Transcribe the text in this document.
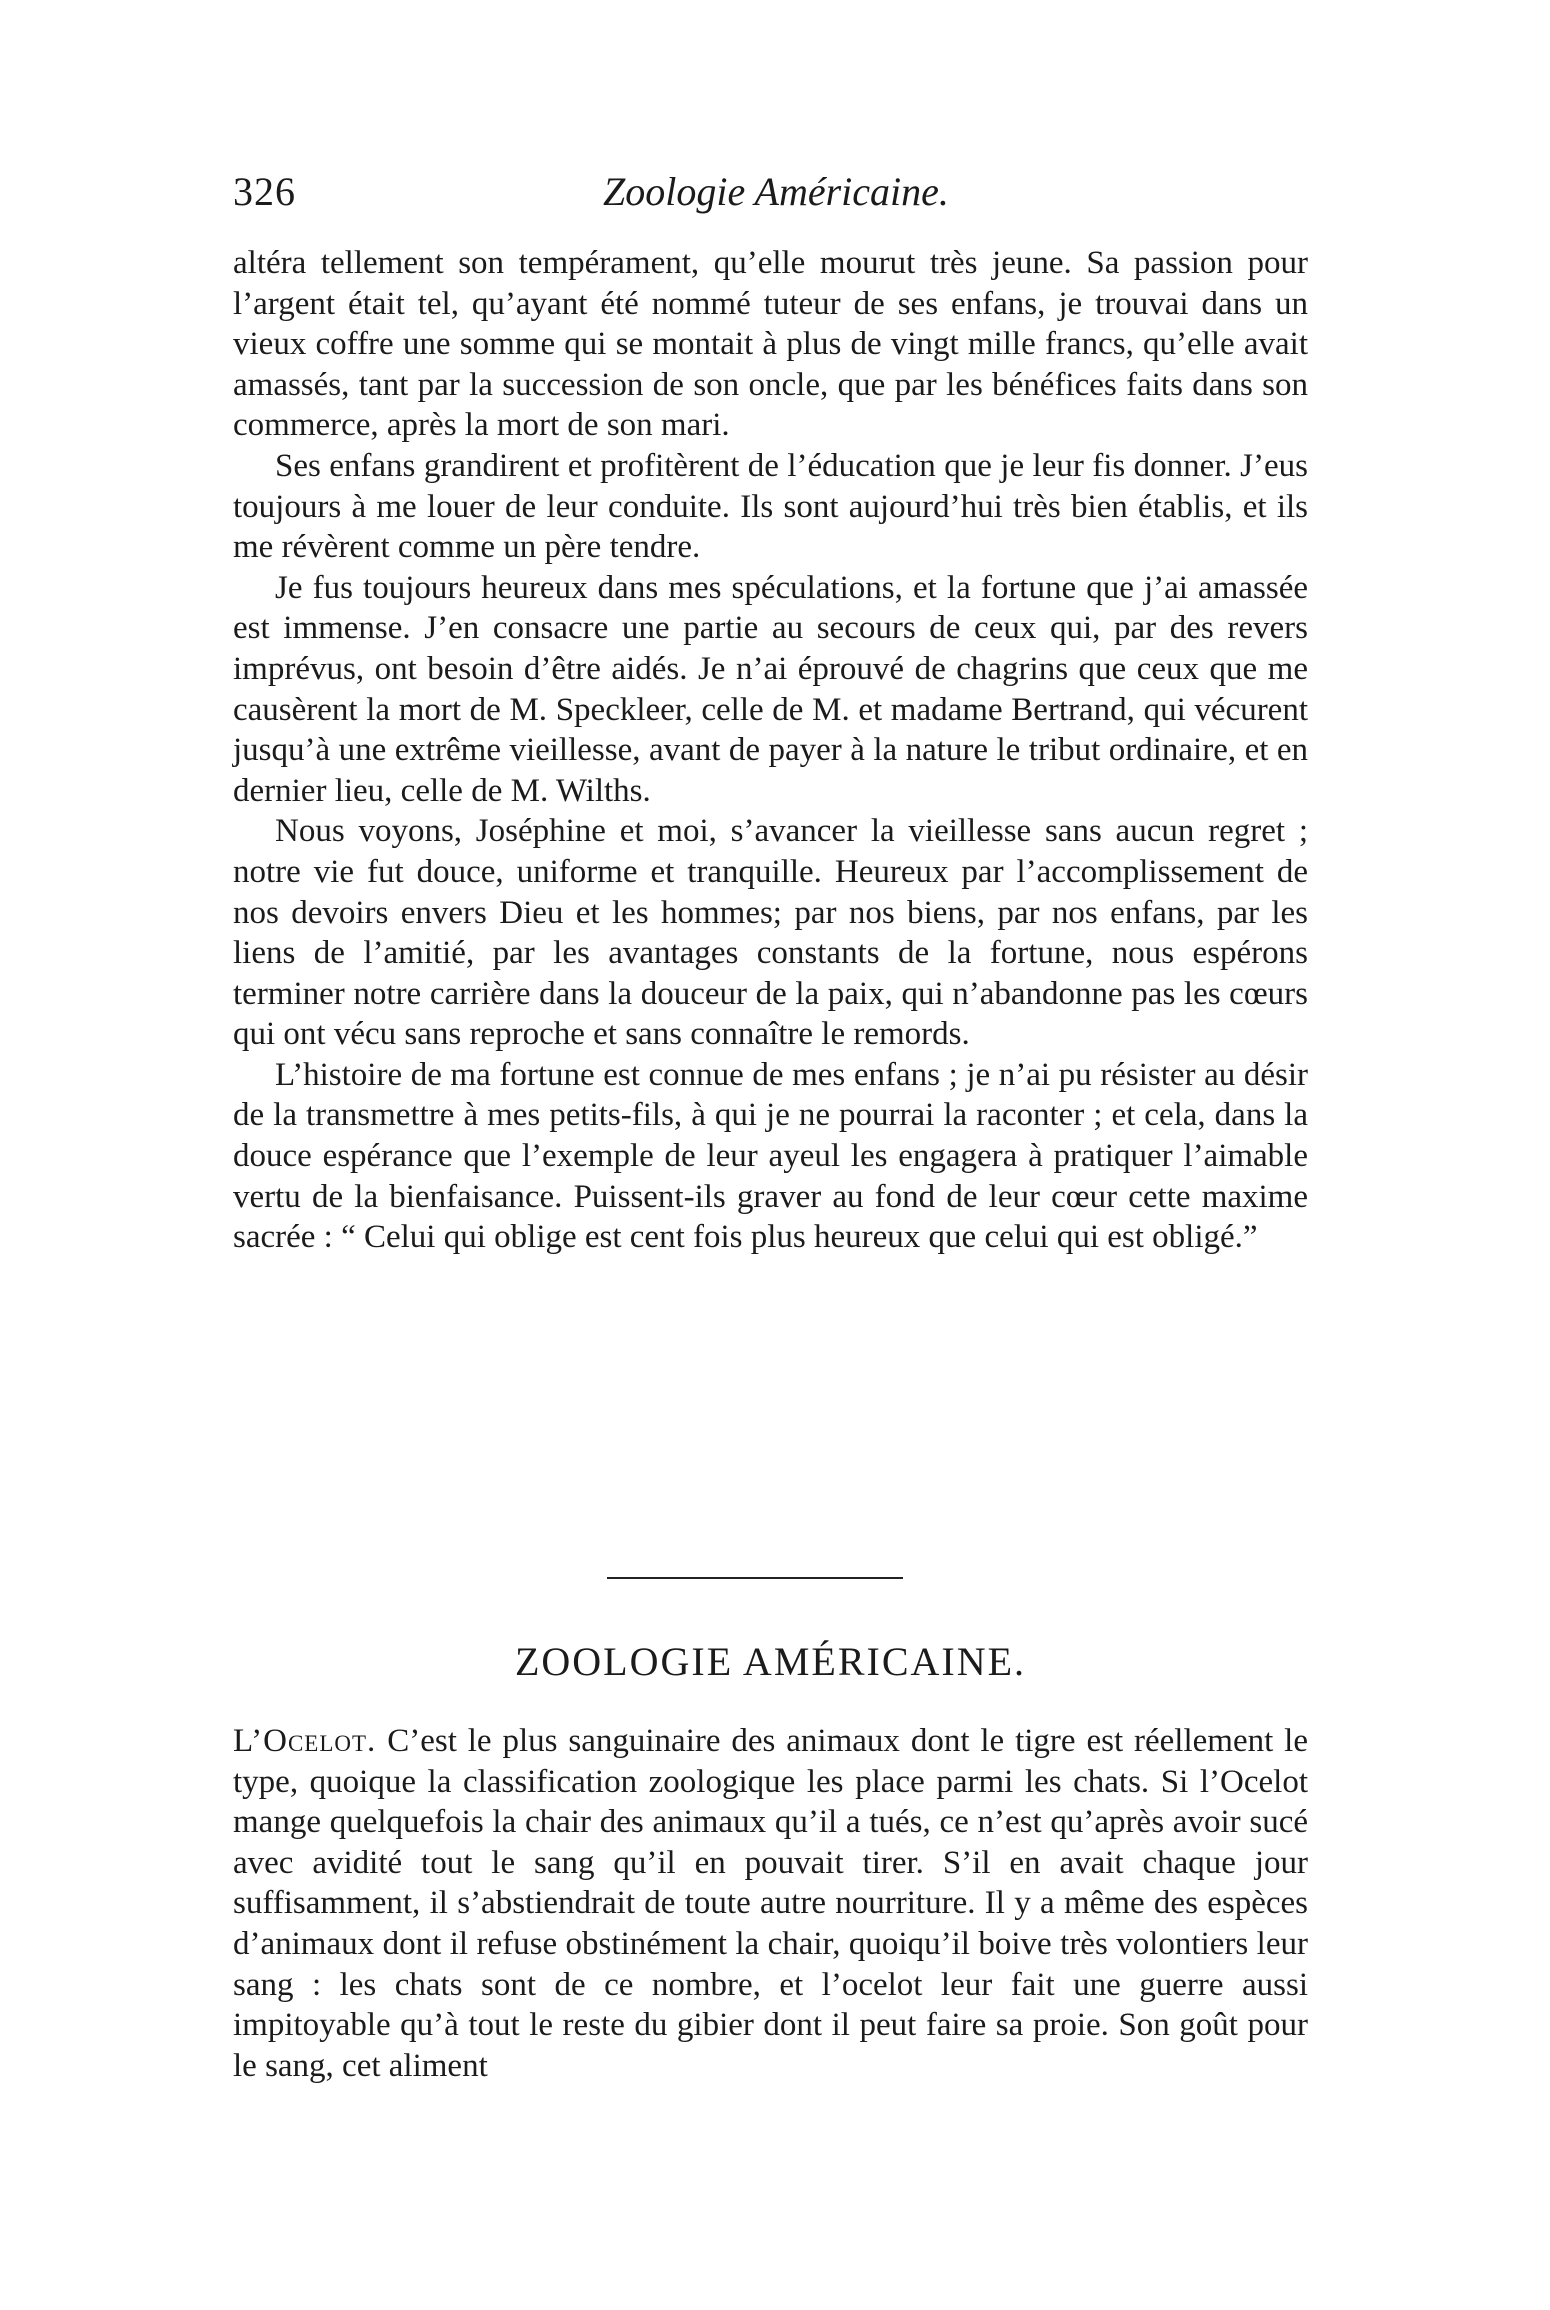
326	Zoologie Américaine.

altéra tellement son tempérament, qu’elle mourut très jeune. Sa passion pour l’argent était tel, qu’ayant été nommé tuteur de ses enfans, je trouvai dans un vieux coffre une somme qui se montait à plus de vingt mille francs, qu’elle avait amassés, tant par la succession de son oncle, que par les bénéfices faits dans son commerce, après la mort de son mari.

Ses enfans grandirent et profitèrent de l’éducation que je leur fis donner. J’eus toujours à me louer de leur conduite. Ils sont aujourd’hui très bien établis, et ils me révèrent comme un père tendre.

Je fus toujours heureux dans mes spéculations, et la fortune que j’ai amassée est immense. J’en consacre une partie au secours de ceux qui, par des revers imprévus, ont besoin d’être aidés. Je n’ai éprouvé de chagrins que ceux que me causèrent la mort de M. Speckleer, celle de M. et madame Bertrand, qui vécurent jusqu’à une extrême vieillesse, avant de payer à la nature le tribut ordinaire, et en dernier lieu, celle de M. Wilths.

Nous voyons, Joséphine et moi, s’avancer la vieillesse sans aucun regret ; notre vie fut douce, uniforme et tranquille. Heureux par l’accomplissement de nos devoirs envers Dieu et les hommes; par nos biens, par nos enfans, par les liens de l’amitié, par les avantages constants de la fortune, nous espérons terminer notre carrière dans la douceur de la paix, qui n’abandonne pas les cœurs qui ont vécu sans reproche et sans connaître le remords.

L’histoire de ma fortune est connue de mes enfans ; je n’ai pu résister au désir de la transmettre à mes petits-fils, à qui je ne pourrai la raconter ; et cela, dans la douce espérance que l’exemple de leur ayeul les engagera à pratiquer l’aimable vertu de la bienfaisance. Puissent-ils graver au fond de leur cœur cette maxime sacrée : “ Celui qui oblige est cent fois plus heureux que celui qui est obligé.”

ZOOLOGIE AMÉRICAINE.

L’Ocelot. C’est le plus sanguinaire des animaux dont le tigre est réellement le type, quoique la classification zoologique les place parmi les chats. Si l’Ocelot mange quelquefois la chair des animaux qu’il a tués, ce n’est qu’après avoir sucé avec avidité tout le sang qu’il en pouvait tirer. S’il en avait chaque jour suffisamment, il s’abstiendrait de toute autre nourriture. Il y a même des espèces d’animaux dont il refuse obstinément la chair, quoiqu’il boive très volontiers leur sang : les chats sont de ce nombre, et l’ocelot leur fait une guerre aussi impitoyable qu’à tout le reste du gibier dont il peut faire sa proie. Son goût pour le sang, cet aliment
